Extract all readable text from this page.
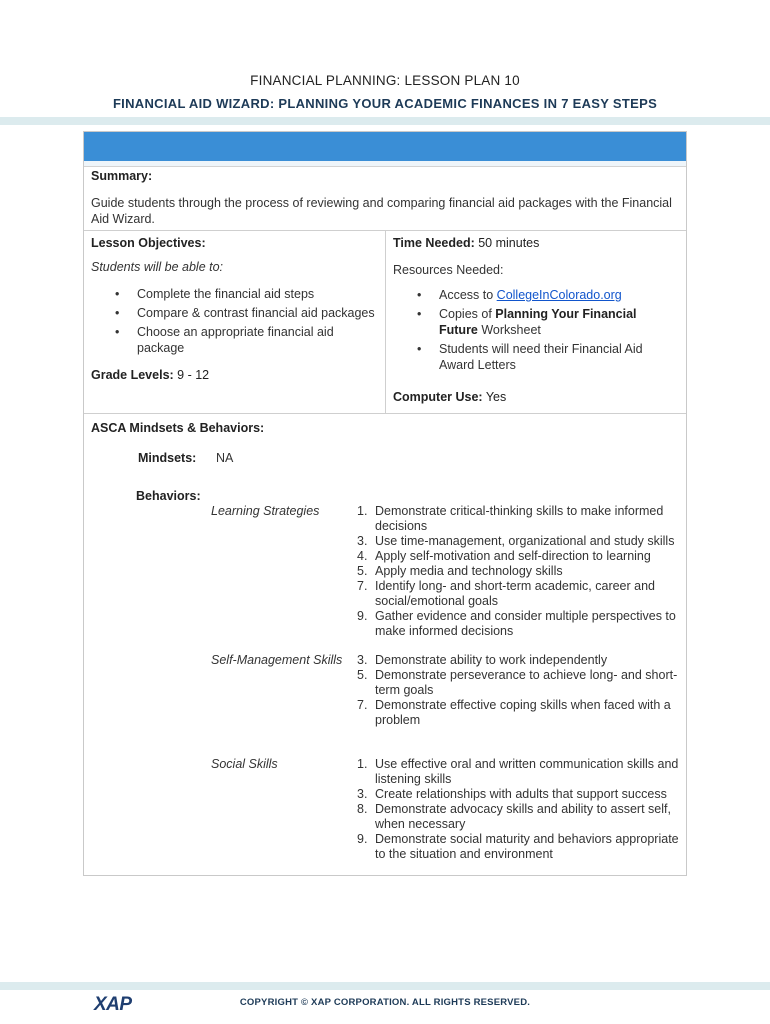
FINANCIAL PLANNING: LESSON PLAN 10
FINANCIAL AID WIZARD: PLANNING YOUR ACADEMIC FINANCES IN 7 EASY STEPS
Summary:
Guide students through the process of reviewing and comparing financial aid packages with the Financial Aid Wizard.
Lesson Objectives:
Students will be able to:
• Complete the financial aid steps
• Compare & contrast financial aid packages
• Choose an appropriate financial aid package
Grade Levels: 9 - 12
Time Needed: 50 minutes
Resources Needed:
• Access to CollegeInColorado.org
• Copies of Planning Your Financial Future Worksheet
• Students will need their Financial Aid Award Letters
Computer Use: Yes
ASCA Mindsets & Behaviors:
Mindsets: NA
Behaviors:
Learning Strategies	1. Demonstrate critical-thinking skills to make informed decisions
3. Use time-management, organizational and study skills
4. Apply self-motivation and self-direction to learning
5. Apply media and technology skills
7. Identify long- and short-term academic, career and social/emotional goals
9. Gather evidence and consider multiple perspectives to make informed decisions
Self-Management Skills 3. Demonstrate ability to work independently
5. Demonstrate perseverance to achieve long- and short-term goals
7. Demonstrate effective coping skills when faced with a problem
Social Skills	1. Use effective oral and written communication skills and listening skills
3. Create relationships with adults that support success
8. Demonstrate advocacy skills and ability to assert self, when necessary
9. Demonstrate social maturity and behaviors appropriate to the situation and environment
XAP	COPYRIGHT © XAP CORPORATION. ALL RIGHTS RESERVED.
